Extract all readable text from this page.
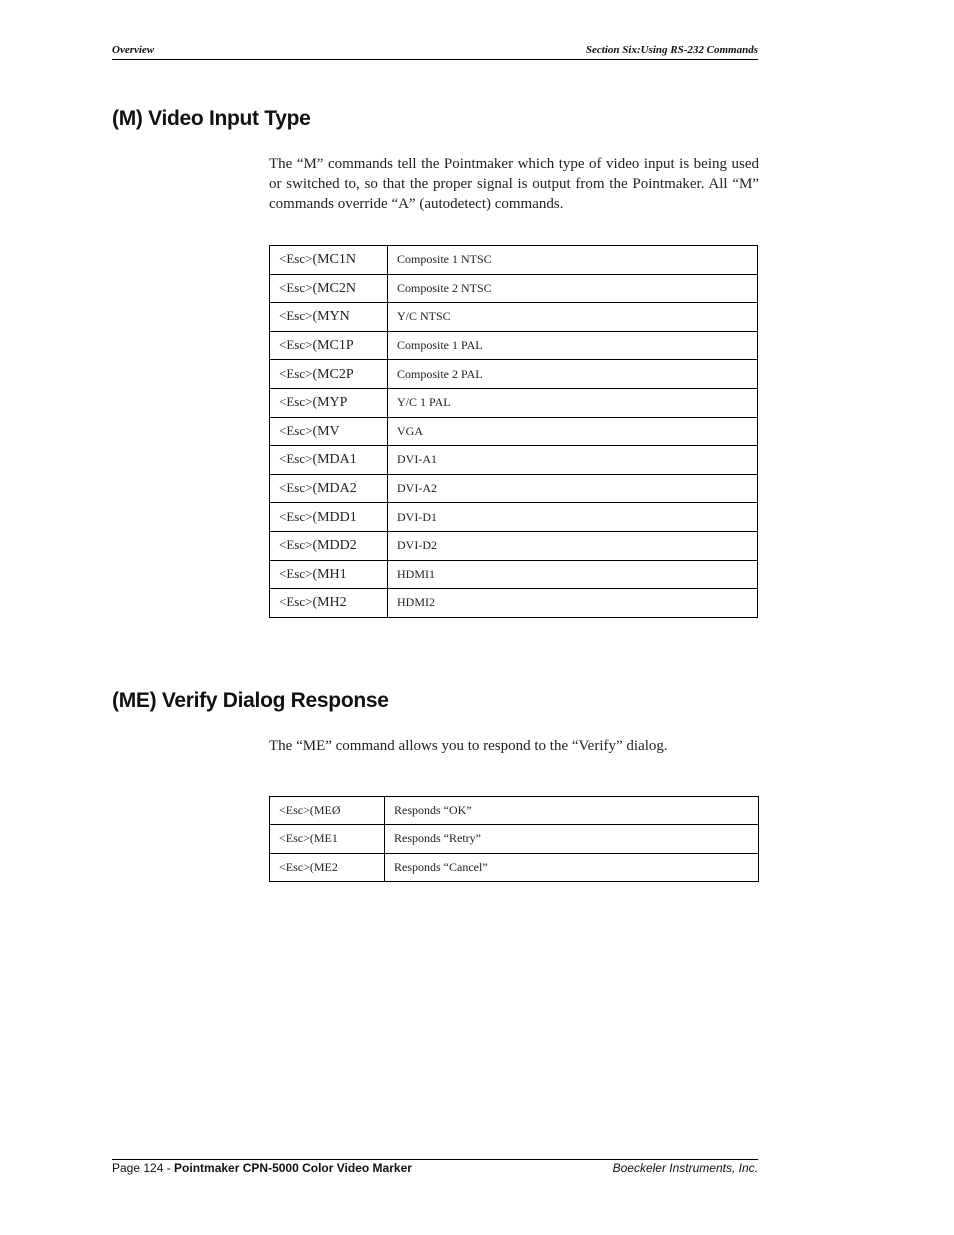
Overview	Section Six:Using RS-232 Commands
(M) Video Input Type

The “M” commands tell the Pointmaker which type of video input is being used or switched to, so that the proper signal is output from the Pointmaker. All “M” commands override “A” (autodetect) commands.

<Esc>(MC1N	Composite 1 NTSC
<Esc>(MC2N	Composite 2 NTSC
<Esc>(MYN	Y/C NTSC
<Esc>(MC1P	Composite 1 PAL
<Esc>(MC2P	Composite 2 PAL
<Esc>(MYP	Y/C 1 PAL
<Esc>(MV	VGA
<Esc>(MDA1	DVI-A1
<Esc>(MDA2	DVI-A2
<Esc>(MDD1	DVI-D1
<Esc>(MDD2	DVI-D2
<Esc>(MH1	HDMI1
<Esc>(MH2	HDMI2
(ME) Verify Dialog Response

The “ME” command allows you to respond to the “Verify” dialog.

<Esc>(MEØ	Responds “OK”
<Esc>(ME1	Responds “Retry”
<Esc>(ME2	Responds “Cancel”
Page 124 - Pointmaker CPN-5000 Color Video Marker	Boeckeler Instruments, Inc.
